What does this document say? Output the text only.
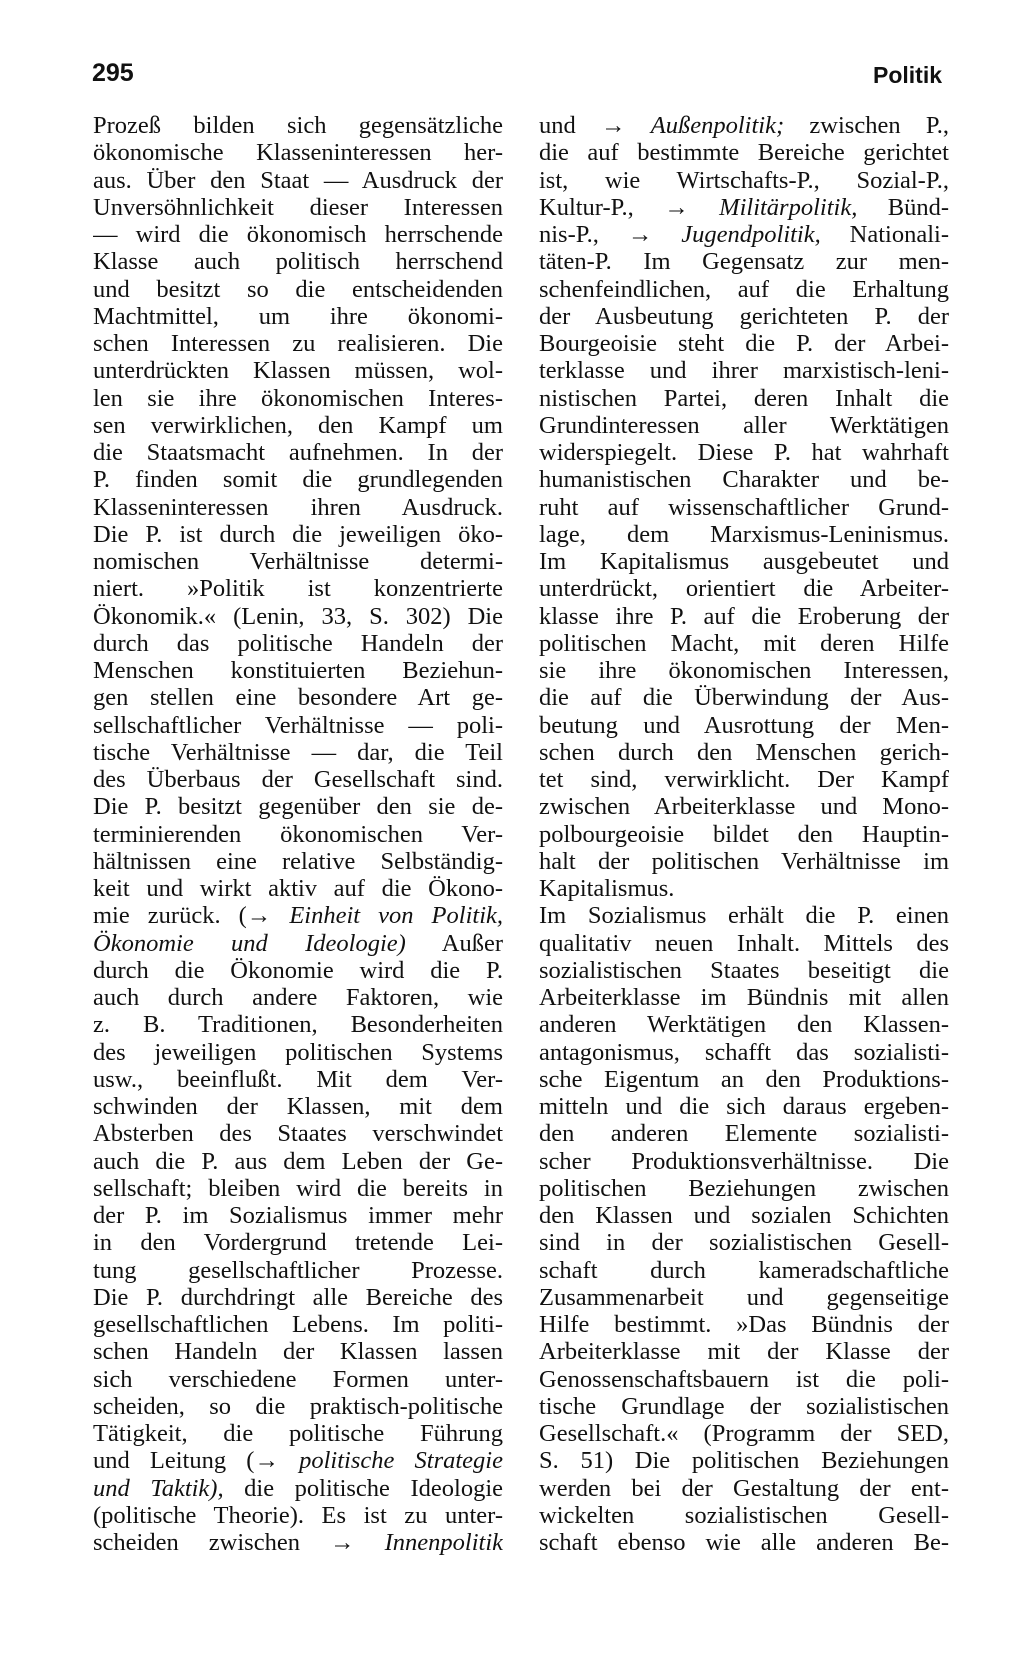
295	Politik
Prozeß bilden sich gegensätzliche
ökonomische Klasseninteressen her-
aus. Über den Staat — Ausdruck der
Unversöhnlichkeit dieser Interessen
— wird die ökonomisch herrschende
Klasse auch politisch herrschend
und besitzt so die entscheidenden
Machtmittel, um ihre ökonomi-
schen Interessen zu realisieren. Die
unterdrückten Klassen müssen, wol-
len sie ihre ökonomischen Interes-
sen verwirklichen, den Kampf um
die Staatsmacht aufnehmen. In der
P. finden somit die grundlegenden
Klasseninteressen ihren Ausdruck.
Die P. ist durch die jeweiligen öko-
nomischen Verhältnisse determi-
niert. »Politik ist konzentrierte
Ökonomik.« (Lenin, 33, S. 302) Die
durch das politische Handeln der
Menschen konstituierten Beziehun-
gen stellen eine besondere Art ge-
sellschaftlicher Verhältnisse — poli-
tische Verhältnisse — dar, die Teil
des Überbaus der Gesellschaft sind.
Die P. besitzt gegenüber den sie de-
terminierenden ökonomischen Ver-
hältnissen eine relative Selbständig-
keit und wirkt aktiv auf die Ökono-
mie zurück. (→ Einheit von Politik,
Ökonomie und Ideologie) Außer
durch die Ökonomie wird die P.
auch durch andere Faktoren, wie
z. B. Traditionen, Besonderheiten
des jeweiligen politischen Systems
usw., beeinflußt. Mit dem Ver-
schwinden der Klassen, mit dem
Absterben des Staates verschwindet
auch die P. aus dem Leben der Ge-
sellschaft; bleiben wird die bereits in
der P. im Sozialismus immer mehr
in den Vordergrund tretende Lei-
tung gesellschaftlicher Prozesse.
Die P. durchdringt alle Bereiche des
gesellschaftlichen Lebens. Im politi-
schen Handeln der Klassen lassen
sich verschiedene Formen unter-
scheiden, so die praktisch-politische
Tätigkeit, die politische Führung
und Leitung (→ politische Strategie
und Taktik), die politische Ideologie
(politische Theorie). Es ist zu unter-
scheiden zwischen → Innenpolitik
und → Außenpolitik; zwischen P.,
die auf bestimmte Bereiche gerichtet
ist, wie Wirtschafts-P., Sozial-P.,
Kultur-P., → Militärpolitik, Bünd-
nis-P., → Jugendpolitik, Nationali-
täten-P. Im Gegensatz zur men-
schenfeindlichen, auf die Erhaltung
der Ausbeutung gerichteten P. der
Bourgeoisie steht die P. der Arbei-
terklasse und ihrer marxistisch-leni-
nistischen Partei, deren Inhalt die
Grundinteressen aller Werktätigen
widerspiegelt. Diese P. hat wahrhaft
humanistischen Charakter und be-
ruht auf wissenschaftlicher Grund-
lage, dem Marxismus-Leninismus.
Im Kapitalismus ausgebeutet und
unterdrückt, orientiert die Arbeiter-
klasse ihre P. auf die Eroberung der
politischen Macht, mit deren Hilfe
sie ihre ökonomischen Interessen,
die auf die Überwindung der Aus-
beutung und Ausrottung der Men-
schen durch den Menschen gerich-
tet sind, verwirklicht. Der Kampf
zwischen Arbeiterklasse und Mono-
polbourgeoisie bildet den Hauptin-
halt der politischen Verhältnisse im
Kapitalismus.
Im Sozialismus erhält die P. einen
qualitativ neuen Inhalt. Mittels des
sozialistischen Staates beseitigt die
Arbeiterklasse im Bündnis mit allen
anderen Werktätigen den Klassen-
antagonismus, schafft das sozialisti-
sche Eigentum an den Produktions-
mitteln und die sich daraus ergeben-
den anderen Elemente sozialisti-
scher Produktionsverhältnisse. Die
politischen Beziehungen zwischen
den Klassen und sozialen Schichten
sind in der sozialistischen Gesell-
schaft durch kameradschaftliche
Zusammenarbeit und gegenseitige
Hilfe bestimmt. »Das Bündnis der
Arbeiterklasse mit der Klasse der
Genossenschaftsbauern ist die poli-
tische Grundlage der sozialistischen
Gesellschaft.« (Programm der SED,
S. 51) Die politischen Beziehungen
werden bei der Gestaltung der ent-
wickelten sozialistischen Gesell-
schaft ebenso wie alle anderen Be-
